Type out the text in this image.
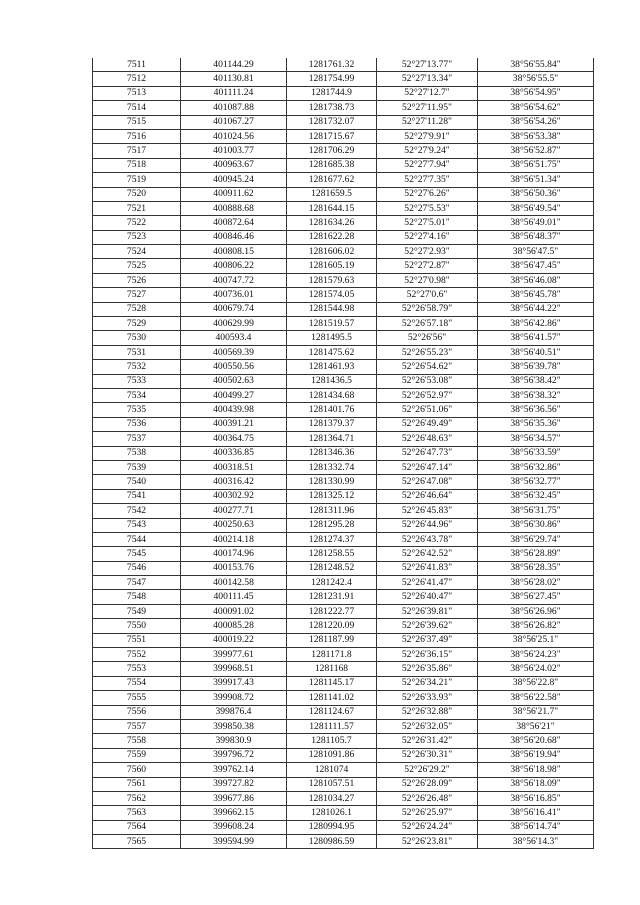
7511	401144.29	1281761.32	52°27'13.77"	38°56'55.84"
7512	401130.81	1281754.99	52°27'13.34"	38°56'55.5"
7513	401111.24	1281744.9	52°27'12.7"	38°56'54.95"
7514	401087.88	1281738.73	52°27'11.95"	38°56'54.62"
7515	401067.27	1281732.07	52°27'11.28"	38°56'54.26"
7516	401024.56	1281715.67	52°27'9.91"	38°56'53.38"
7517	401003.77	1281706.29	52°27'9.24"	38°56'52.87"
7518	400963.67	1281685.38	52°27'7.94"	38°56'51.75"
7519	400945.24	1281677.62	52°27'7.35"	38°56'51.34"
7520	400911.62	1281659.5	52°27'6.26"	38°56'50.36"
7521	400888.68	1281644.15	52°27'5.53"	38°56'49.54"
7522	400872.64	1281634.26	52°27'5.01"	38°56'49.01"
7523	400846.46	1281622.28	52°27'4.16"	38°56'48.37"
7524	400808.15	1281606.02	52°27'2.93"	38°56'47.5"
7525	400806.22	1281605.19	52°27'2.87"	38°56'47.45"
7526	400747.72	1281579.63	52°27'0.98"	38°56'46.08"
7527	400736.01	1281574.05	52°27'0.6"	38°56'45.78"
7528	400679.74	1281544.98	52°26'58.79"	38°56'44.22"
7529	400629.99	1281519.57	52°26'57.18"	38°56'42.86"
7530	400593.4	1281495.5	52°26'56"	38°56'41.57"
7531	400569.39	1281475.62	52°26'55.23"	38°56'40.51"
7532	400550.56	1281461.93	52°26'54.62"	38°56'39.78"
7533	400502.63	1281436.5	52°26'53.08"	38°56'38.42"
7534	400499.27	1281434.68	52°26'52.97"	38°56'38.32"
7535	400439.98	1281401.76	52°26'51.06"	38°56'36.56"
7536	400391.21	1281379.37	52°26'49.49"	38°56'35.36"
7537	400364.75	1281364.71	52°26'48.63"	38°56'34.57"
7538	400336.85	1281346.36	52°26'47.73"	38°56'33.59"
7539	400318.51	1281332.74	52°26'47.14"	38°56'32.86"
7540	400316.42	1281330.99	52°26'47.08"	38°56'32.77"
7541	400302.92	1281325.12	52°26'46.64"	38°56'32.45"
7542	400277.71	1281311.96	52°26'45.83"	38°56'31.75"
7543	400250.63	1281295.28	52°26'44.96"	38°56'30.86"
7544	400214.18	1281274.37	52°26'43.78"	38°56'29.74"
7545	400174.96	1281258.55	52°26'42.52"	38°56'28.89"
7546	400153.76	1281248.52	52°26'41.83"	38°56'28.35"
7547	400142.58	1281242.4	52°26'41.47"	38°56'28.02"
7548	400111.45	1281231.91	52°26'40.47"	38°56'27.45"
7549	400091.02	1281222.77	52°26'39.81"	38°56'26.96"
7550	400085.28	1281220.09	52°26'39.62"	38°56'26.82"
7551	400019.22	1281187.99	52°26'37.49"	38°56'25.1"
7552	399977.61	1281171.8	52°26'36.15"	38°56'24.23"
7553	399968.51	1281168	52°26'35.86"	38°56'24.02"
7554	399917.43	1281145.17	52°26'34.21"	38°56'22.8"
7555	399908.72	1281141.02	52°26'33.93"	38°56'22.58"
7556	399876.4	1281124.67	52°26'32.88"	38°56'21.7"
7557	399850.38	1281111.57	52°26'32.05"	38°56'21"
7558	399830.9	1281105.7	52°26'31.42"	38°56'20.68"
7559	399796.72	1281091.86	52°26'30.31"	38°56'19.94"
7560	399762.14	1281074	52°26'29.2"	38°56'18.98"
7561	399727.82	1281057.51	52°26'28.09"	38°56'18.09"
7562	399677.86	1281034.27	52°26'26.48"	38°56'16.85"
7563	399662.15	1281026.1	52°26'25.97"	38°56'16.41"
7564	399608.24	1280994.95	52°26'24.24"	38°56'14.74"
7565	399594.99	1280986.59	52°26'23.81"	38°56'14.3"
